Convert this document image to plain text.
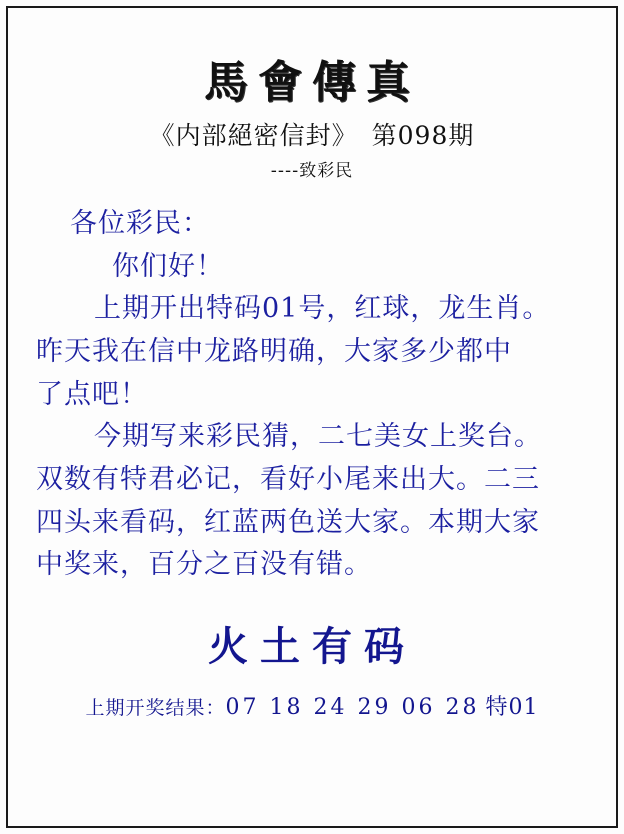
馬會傳真
《内部絕密信封》 第098期
----致彩民
各位彩民：
你们好！
上期开出特码01号，红球，龙生肖。
昨天我在信中龙路明确，大家多少都中
了点吧！
今期写来彩民猜，二七美女上奖台。
双数有特君必记，看好小尾来出大。二三
四头来看码，红蓝两色送大家。本期大家
中奖来，百分之百没有错。
火土有码
上期开奖结果：07 18 24 29 06 28 特01
